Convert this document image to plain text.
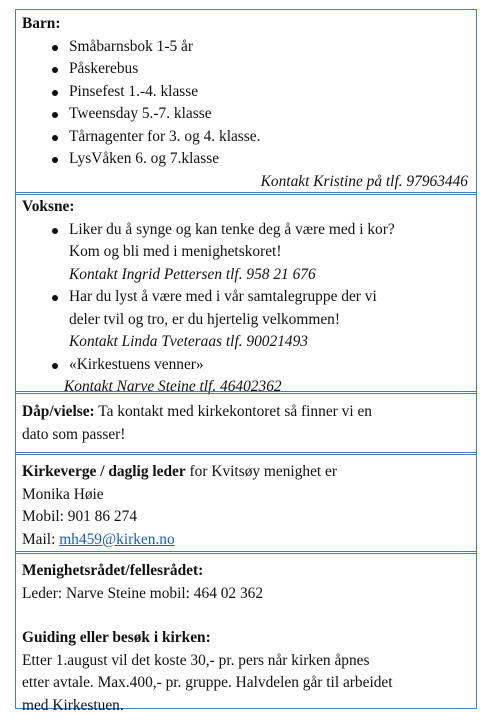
Barn:
Småbarnsbok 1-5 år
Påskerebus
Pinsefest 1.-4. klasse
Tweensday 5.-7. klasse
Tårnagenter for 3. og 4. klasse.
LysVåken 6. og 7.klasse
Kontakt Kristine på tlf. 97963446
Voksne:
Liker du å synge og kan tenke deg å være med i kor?
Kom og bli med i menighetskoret!
Kontakt Ingrid Pettersen tlf. 958 21 676
Har du lyst å være med i vår samtalegruppe der vi
deler tvil og tro, er du hjertelig velkommen!
Kontakt Linda Tveteraas tlf. 90021493
«Kirkestuens venner»
Kontakt Narve Steine tlf. 46402362
Dåp/vielse: Ta kontakt med kirkekontoret så finner vi en
dato som passer!
Kirkeverge / daglig leder for Kvitsøy menighet er
Monika Høie
Mobil: 901 86 274
Mail: mh459@kirken.no
Menighetsrådet/fellesrådet:
Leder: Narve Steine mobil: 464 02 362
Guiding eller besøk i kirken:
Etter 1.august vil det koste 30,- pr. pers når kirken åpnes
etter avtale. Max.400,- pr. gruppe. Halvdelen går til arbeidet
med Kirkestuen.
